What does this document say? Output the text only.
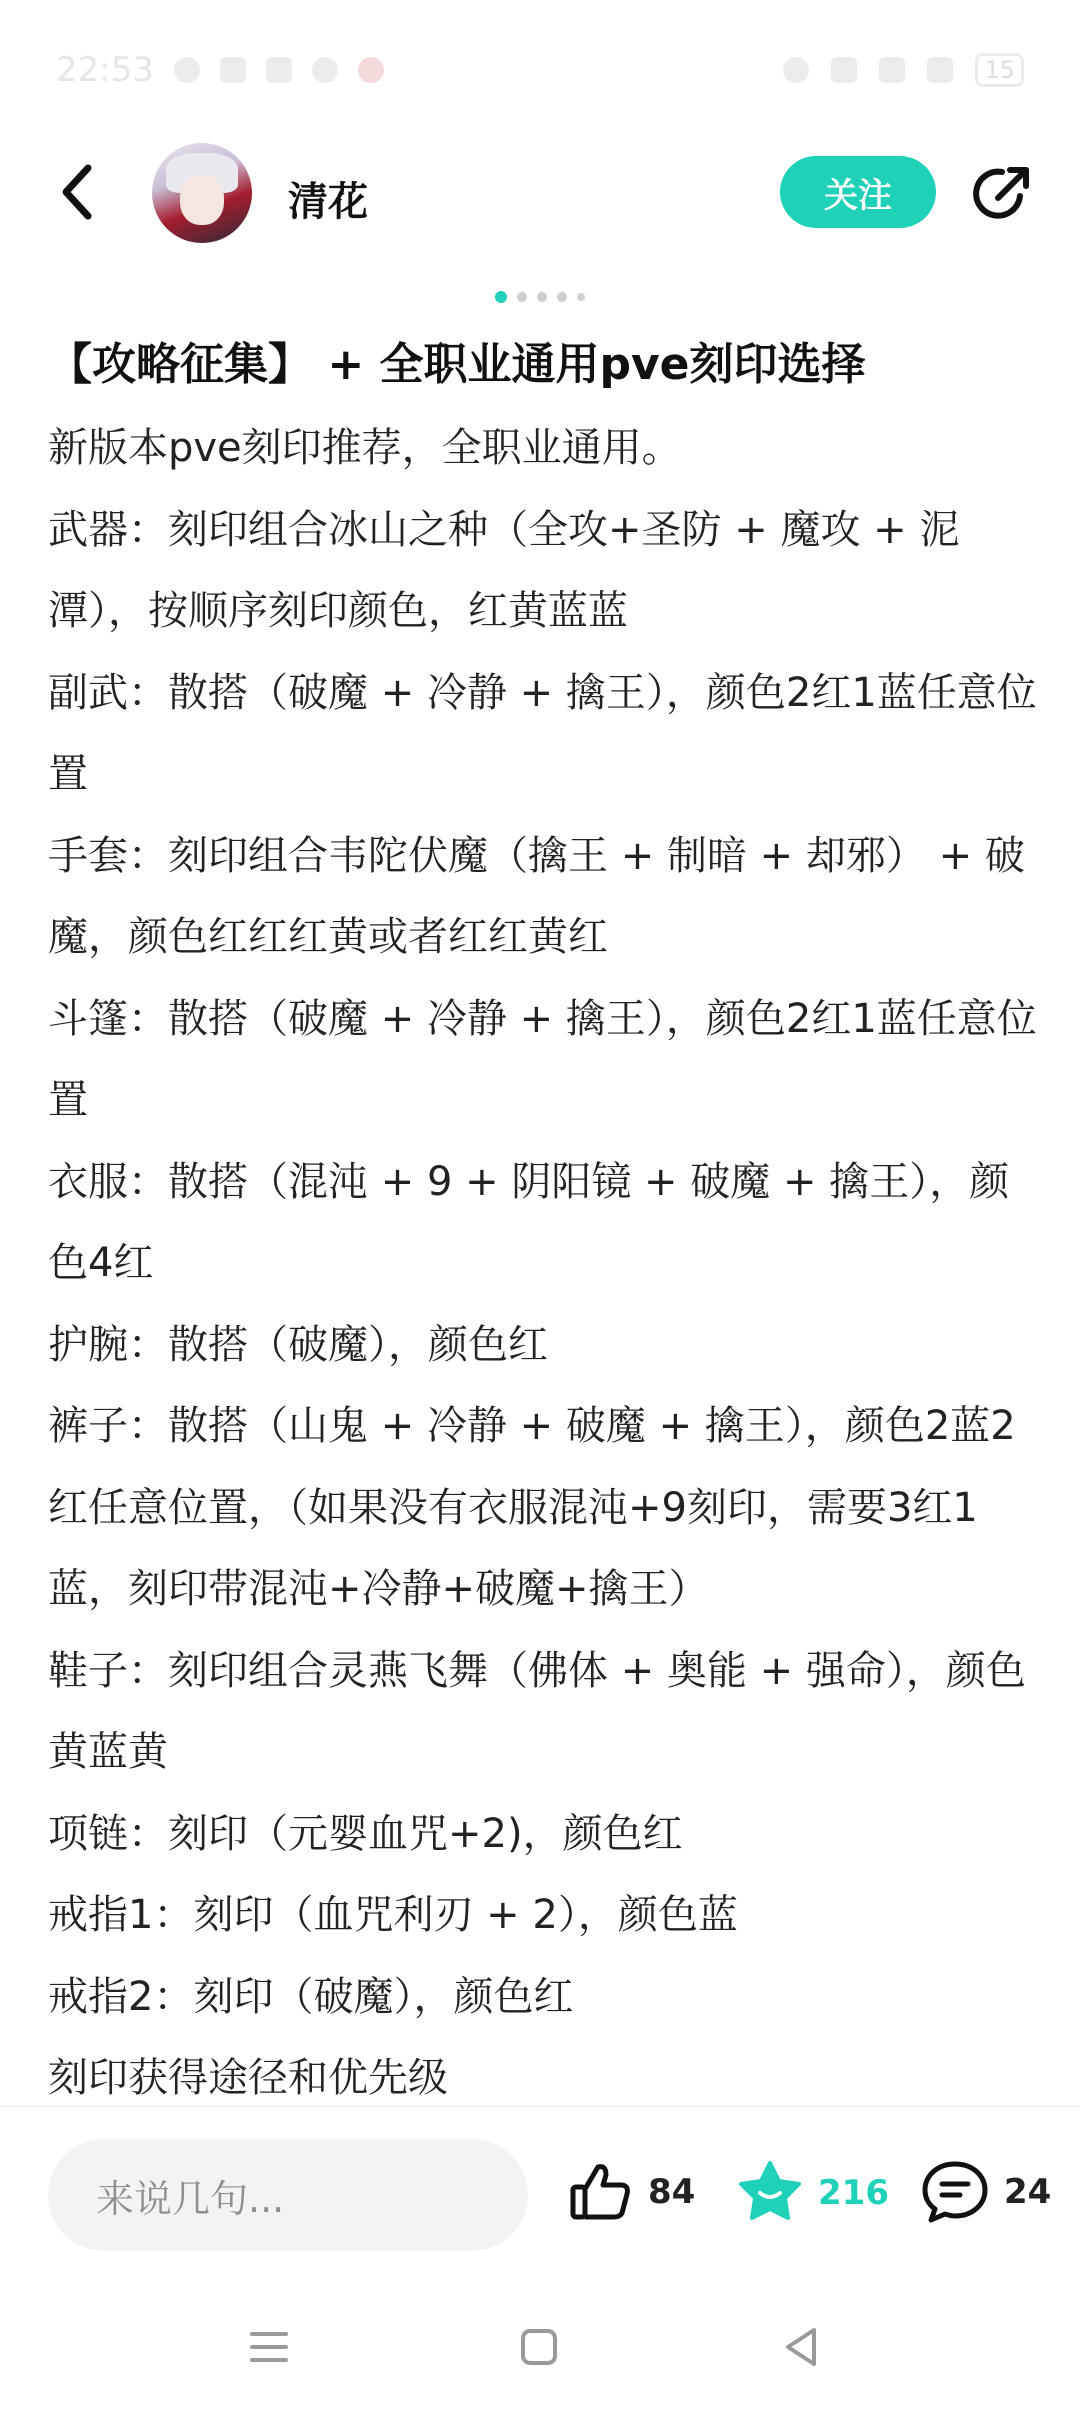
22:53	15
清花	关注
【攻略征集】 + 全职业通用pve刻印选择

新版本pve刻印推荐，全职业通用。

武器：刻印组合冰山之种（全攻+圣防 + 魔攻 + 泥潭），按顺序刻印颜色，红黄蓝蓝

副武：散搭（破魔 + 冷静 + 擒王），颜色2红1蓝任意位置

手套：刻印组合韦陀伏魔（擒王 + 制暗 + 却邪） + 破魔，颜色红红红黄或者红红黄红

斗篷：散搭（破魔 + 冷静 + 擒王），颜色2红1蓝任意位置

衣服：散搭（混沌 + 9 + 阴阳镜 + 破魔 + 擒王），颜色4红

护腕：散搭（破魔），颜色红

裤子：散搭（山鬼 + 冷静 + 破魔 + 擒王），颜色2蓝2红任意位置，（如果没有衣服混沌+9刻印，需要3红1蓝，刻印带混沌+冷静+破魔+擒王）

鞋子：刻印组合灵燕飞舞（佛体 + 奥能 + 强命），颜色黄蓝黄

项链：刻印（元婴血咒+2)，颜色红

戒指1：刻印（血咒利刃 + 2），颜色蓝

戒指2：刻印（破魔），颜色红

刻印获得途径和优先级

来说几句...	84	216	24
